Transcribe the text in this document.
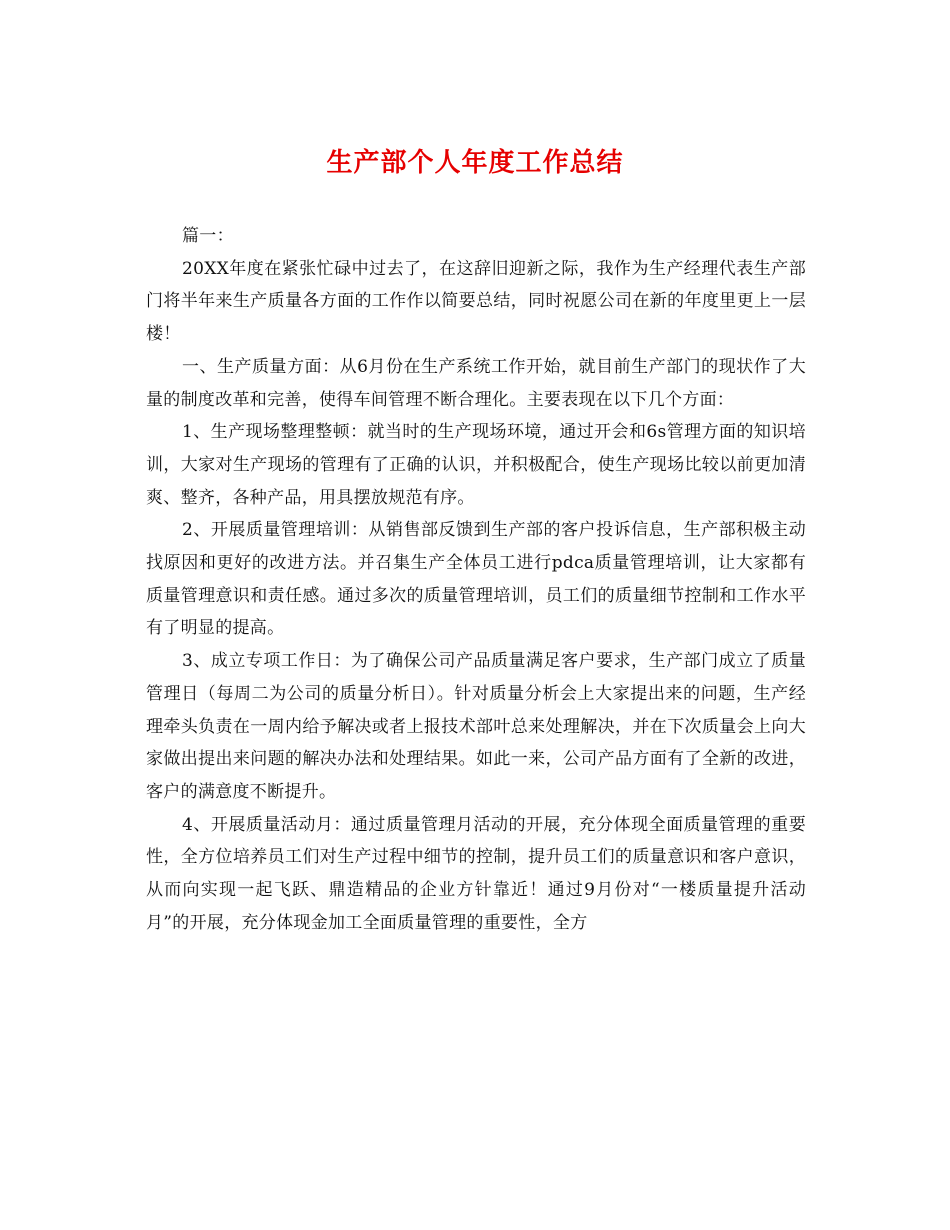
生产部个人年度工作总结

篇一：

20XX年度在紧张忙碌中过去了，在这辞旧迎新之际，我作为生产经理代表生产部门将半年来生产质量各方面的工作作以简要总结，同时祝愿公司在新的年度里更上一层楼！

一、生产质量方面：从6月份在生产系统工作开始，就目前生产部门的现状作了大量的制度改革和完善，使得车间管理不断合理化。主要表现在以下几个方面：

1、生产现场整理整顿：就当时的生产现场环境，通过开会和6s管理方面的知识培训，大家对生产现场的管理有了正确的认识，并积极配合，使生产现场比较以前更加清爽、整齐，各种产品，用具摆放规范有序。

2、开展质量管理培训：从销售部反馈到生产部的客户投诉信息，生产部积极主动找原因和更好的改进方法。并召集生产全体员工进行pdca质量管理培训，让大家都有质量管理意识和责任感。通过多次的质量管理培训，员工们的质量细节控制和工作水平有了明显的提高。

3、成立专项工作日：为了确保公司产品质量满足客户要求，生产部门成立了质量管理日（每周二为公司的质量分析日）。针对质量分析会上大家提出来的问题，生产经理牵头负责在一周内给予解决或者上报技术部叶总来处理解决，并在下次质量会上向大家做出提出来问题的解决办法和处理结果。如此一来，公司产品方面有了全新的改进，客户的满意度不断提升。

4、开展质量活动月：通过质量管理月活动的开展，充分体现全面质量管理的重要性，全方位培养员工们对生产过程中细节的控制，提升员工们的质量意识和客户意识，从而向实现一起飞跃、鼎造精品的企业方针靠近！通过9月份对“一楼质量提升活动月”的开展，充分体现金加工全面质量管理的重要性，全方
